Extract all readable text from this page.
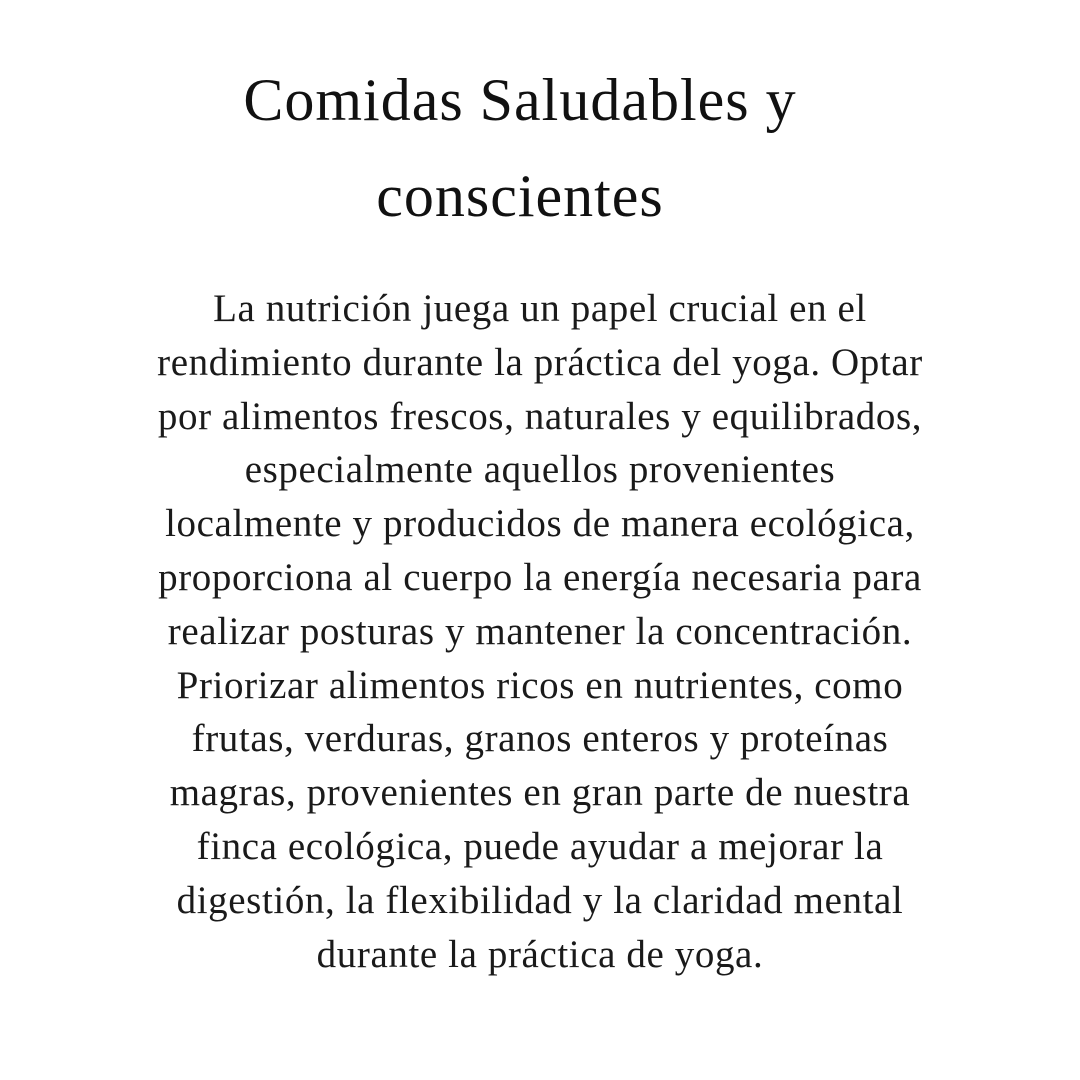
Comidas Saludables y
conscientes

La nutrición juega un papel crucial en el
rendimiento durante la práctica del yoga. Optar
por alimentos frescos, naturales y equilibrados,
especialmente aquellos provenientes
localmente y producidos de manera ecológica,
proporciona al cuerpo la energía necesaria para
realizar posturas y mantener la concentración.
Priorizar alimentos ricos en nutrientes, como
frutas, verduras, granos enteros y proteínas
magras, provenientes en gran parte de nuestra
finca ecológica, puede ayudar a mejorar la
digestión, la flexibilidad y la claridad mental
durante la práctica de yoga.
